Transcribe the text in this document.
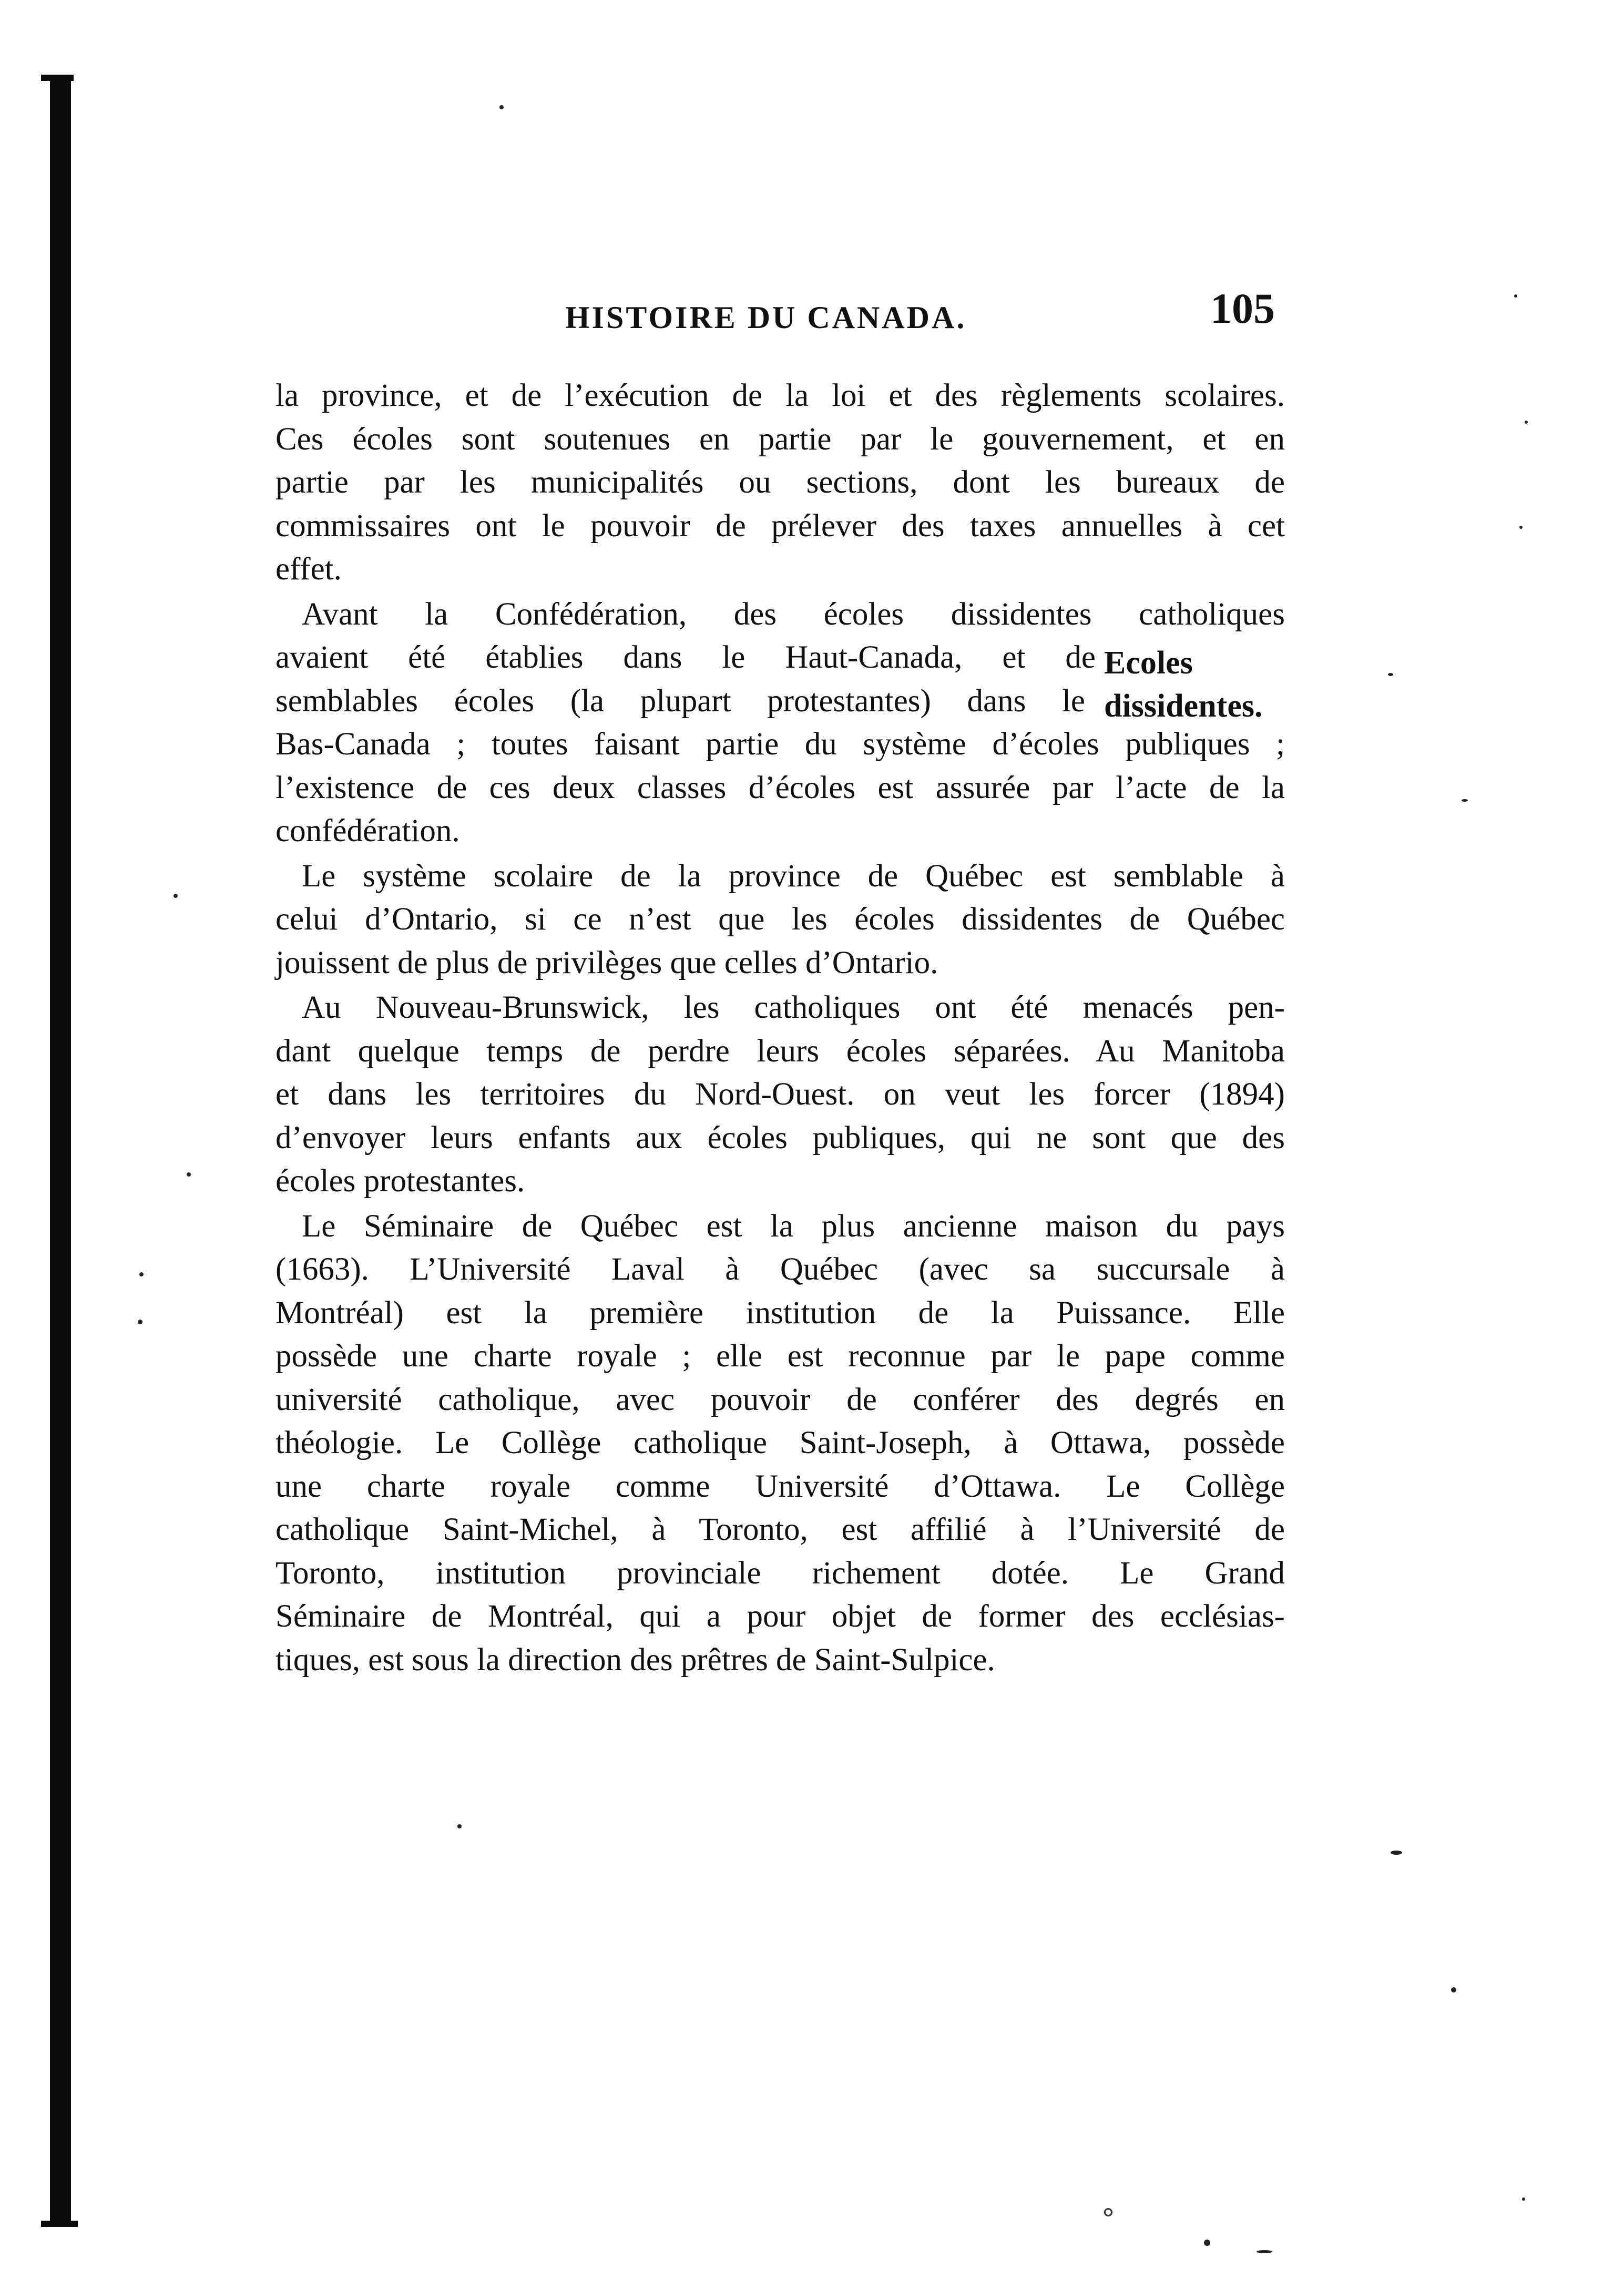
HISTOIRE DU CANADA.	105
Ecoles
dissidentes.
la province, et de l’exécution de la loi et des règlements scolaires.
Ces écoles sont soutenues en partie par le gouvernement, et en
partie par les municipalités ou sections, dont les bureaux de
commissaires ont le pouvoir de prélever des taxes annuelles à cet
effet.
Avant la Confédération, des écoles dissidentes catholiques
avaient été établies dans le Haut-Canada, et de
semblables écoles (la plupart protestantes) dans le
Bas-Canada ; toutes faisant partie du système d’écoles publiques ;
l’existence de ces deux classes d’écoles est assurée par l’acte de la
confédération.
Le système scolaire de la province de Québec est semblable à
celui d’Ontario, si ce n’est que les écoles dissidentes de Québec
jouissent de plus de privilèges que celles d’Ontario.
Au Nouveau-Brunswick, les catholiques ont été menacés pen-
dant quelque temps de perdre leurs écoles séparées. Au Manitoba
et dans les territoires du Nord-Ouest. on veut les forcer (1894)
d’envoyer leurs enfants aux écoles publiques, qui ne sont que des
écoles protestantes.
Le Séminaire de Québec est la plus ancienne maison du pays
(1663). L’Université Laval à Québec (avec sa succursale à
Montréal) est la première institution de la Puissance. Elle
possède une charte royale ; elle est reconnue par le pape comme
université catholique, avec pouvoir de conférer des degrés en
théologie. Le Collège catholique Saint-Joseph, à Ottawa, possède
une charte royale comme Université d’Ottawa. Le Collège
catholique Saint-Michel, à Toronto, est affilié à l’Université de
Toronto, institution provinciale richement dotée. Le Grand
Séminaire de Montréal, qui a pour objet de former des ecclésias-
tiques, est sous la direction des prêtres de Saint-Sulpice.
